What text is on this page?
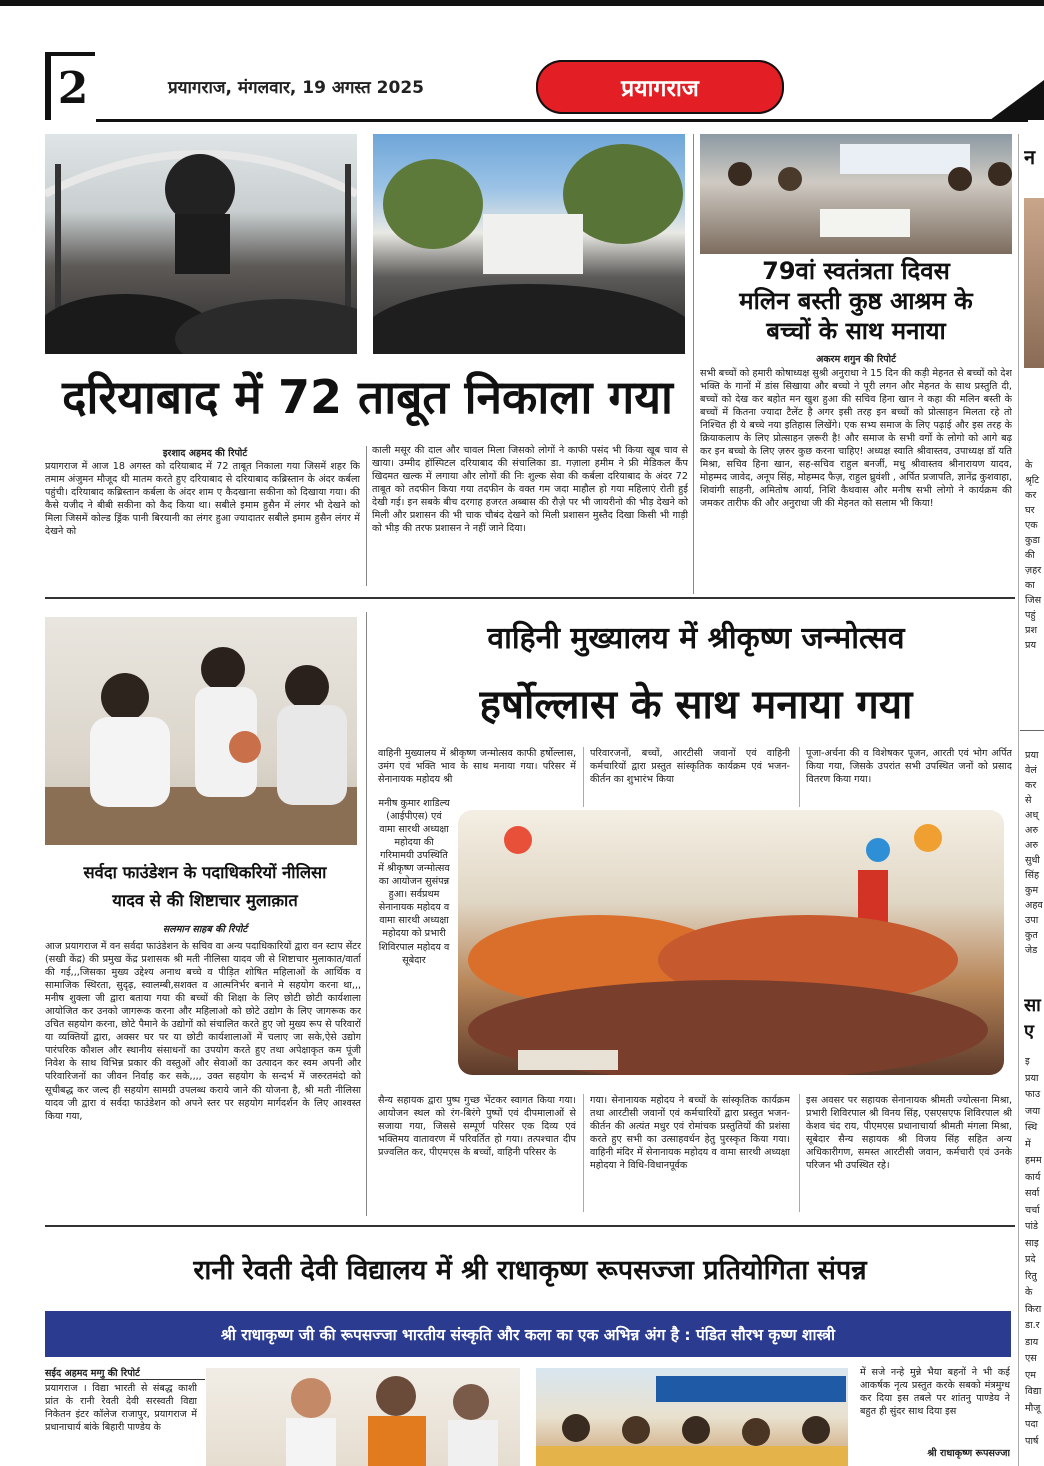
2	प्रयागराज, मंगलवार, 19 अगस्त 2025	प्रयागराज
दरियाबाद में 72 ताबूत निकाला गया
इरशाद अहमद की रिपोर्ट
प्रयागराज में आज 18 अगस्त को दरियाबाद में 72 ताबूत निकाला गया जिसमें शहर कि तमाम अंजुमन मौजूद थी मातम करते हुए दरियाबाद से दरियाबाद कब्रिस्तान के अंदर कर्बला पहुंची। दरियाबाद कब्रिस्तान कर्बला के अंदर शाम ए कैदखाना सकीना को दिखाया गया। की कैसे यजीद ने बीबी सकीना को कैद किया था। सबीले इमाम हुसैन में लंगर भी देखने को मिला जिसमें कोल्ड ड्रिंक पानी बिरयानी का लंगर हुआ ज्यादातर सबीले इमाम हुसैन लंगर में देखने को
काली मसूर की दाल और चावल मिला जिसको लोगों ने काफी पसंद भी किया खूब चाव से खाया। उम्मीद हॉस्पिटल दरियाबाद की संचालिका डा. गज़ाला हमीम ने फ्री मेडिकल कैंप खिदमत खल्क में लगाया और लोगों की निः शुल्क सेवा की कर्बला दरियाबाद के अंदर 72 ताबूत को तदफीन किया गया तदफीन के वक्त गम जदा माहौल हो गया महिलाएं रोती हुई देखी गई। इन सबके बीच दरगाह हजरत अब्बास की रौज़े पर भी जायरीनो की भीड़ देखने को मिली और प्रशासन की भी चाक चौबंद देखने को मिली प्रशासन मुस्तैद दिखा किसी भी गाड़ी को भीड़ की तरफ प्रशासन ने नहीं जाने दिया।
79वां स्वतंत्रता दिवस
मलिन बस्ती कुष्ठ आश्रम के
बच्चों के साथ मनाया
अकरम शगुन की रिपोर्ट
सभी बच्चों को हमारी कोषाध्यक्ष सुश्री अनुराधा ने 15 दिन की कड़ी मेहनत से बच्चों को देश भक्ति के गानों में डांस सिखाया और बच्चो ने पूरी लगन और मेहनत के साथ प्रस्तुति दी, बच्चों को देख कर बहोत मन खुश हुआ की सचिव हिना खान ने कहा की मलिन बस्ती के बच्चों में कितना ज्यादा टैलेंट है अगर इसी तरह इन बच्चों को प्रोत्साहन मिलता रहे तो निश्चित ही ये बच्चे नया इतिहास लिखेंगे। एक सभ्य समाज के लिए पढ़ाई और इस तरह के क्रियाकलाप के लिए प्रोत्साहन ज़रूरी है! और समाज के सभी वर्गो के लोगो को आगे बढ़ कर इन बच्चो के लिए ज़रुर कुछ करना चाहिए! अध्यक्ष स्वाति श्रीवास्तव, उपाध्यक्ष डॉ यति मिश्रा, सचिव हिना खान, सह-सचिव राहुल बनर्जी, मधु श्रीवास्तव श्रीनारायण यादव, मोहम्मद जावेद, अनूप सिंह, मोहम्मद फैज़, राहुल घ्रुवंशी , अर्पित प्रजापति, ज्ञानेंद्र कुशवाहा, शिवांगी साहनी, अमितोष आर्या, निशि कैथवास और मनीष सभी लोगो ने कार्यक्रम की जमकर तारीफ की और अनुराधा जी की मेहनत को सलाम भी किया!
सर्वदा फाउंडेशन के पदाधिकरियों नीलिसा
यादव से की शिष्टाचार मुलाक़ात
सलमान साहब की रिपोर्ट
आज प्रयागराज में वन सर्वदा फाउंडेशन के सचिव वा अन्य पदाधिकारियों द्वारा वन स्टाप सेंटर (सखी केंद्र) की प्रमुख केंद्र प्रशासक श्री मती नीलिसा यादव जी से शिष्टाचार मुलाकात/वार्ता की गई,,,जिसका मुख्य उद्देश्य अनाथ बच्चे व पीड़ित शोषित महिलाओं के आर्थिक व सामाजिक स्थिरता, सुदृढ़, स्वालम्बी,सशक्त व आत्मनिर्भर बनाने मे सहयोग करना था,,, मनीष शुक्ला जी द्वारा बताया गया की बच्चों की शिक्षा के लिए छोटी छोटी कार्यशाला आयोजित कर उनको जागरूक करना और महिलाओ को छोटे उद्योग के लिए जागरूक कर उचित सहयोग करना, छोटे पैमाने के उद्योगों को संचालित करते हुए जो मुख्य रूप से परिवारों या व्यक्तियों द्वारा, अक्सर घर पर या छोटी कार्यशालाओं में चलाए जा सके,ऐसे उद्योग पारंपरिक कौशल और स्थानीय संसाधनों का उपयोग करते हुए तथा अपेक्षाकृत कम पूंजी निवेश के साथ विभिन्न प्रकार की वस्तुओं और सेवाओं का उत्पादन कर स्वम अपनी और परिवारिजनों का जीवन निर्वाह कर सके,,,, उक्त सहयोग के सन्दर्भ में जरुरतमंदो को सूचीबद्ध कर जल्द ही सहयोग सामग्री उपलब्ध कराये जाने की योजना है, श्री मती नीलिसा यादव जी द्वारा वं सर्वदा फाउंडेशन को अपने स्तर पर सहयोग मार्गदर्शन के लिए आश्वस्त किया गया,
वाहिनी मुख्यालय में श्रीकृष्ण जन्मोत्सव
हर्षोल्लास के साथ मनाया गया
वाहिनी मुख्यालय में श्रीकृष्ण जन्मोत्सव काफी हर्षोल्लास, उमंग एवं भक्ति भाव के साथ मनाया गया। परिसर में सेनानायक महोदय श्री
मनीष कुमार शाडिल्य (आईपीएस) एवं वामा सारथी अध्यक्षा महोदया की गरिमामयी उपस्थिति में श्रीकृष्ण जन्मोत्सव का आयोजन सुसंपन्न हुआ। सर्वप्रथम सेनानायक महोदय व वामा सारथी अध्यक्षा महोदया को प्रभारी शिविरपाल महोदय व सूबेदार
सैन्य सहायक द्वारा पुष्प गुच्छ भेंटकर स्वागत किया गया। आयोजन स्थल को रंग-बिरंगे पुष्पों एवं दीपमालाओं से सजाया गया, जिससे सम्पूर्ण परिसर एक दिव्य एवं भक्तिमय वातावरण में परिवर्तित हो गया। तत्पश्चात दीप प्रज्वलित कर, पीएमएस के बच्चों, वाहिनी परिसर के
परिवारजनों, बच्चों, आरटीसी जवानों एवं वाहिनी कर्मचारियों द्वारा प्रस्तुत सांस्कृतिक कार्यक्रम एवं भजन-कीर्तन का शुभारंभ किया
गया। सेनानायक महोदय ने बच्चों के सांस्कृतिक कार्यक्रम तथा आरटीसी जवानों एवं कर्मचारियों द्वारा प्रस्तुत भजन-कीर्तन की अत्यंत मधुर एवं रोमांचक प्रस्तुतियों की प्रशंसा करते हुए सभी का उत्साहवर्धन हेतु पुरस्कृत किया गया। वाहिनी मंदिर में सेनानायक महोदय व वामा सारथी अध्यक्षा महोदया ने विधि-विधानपूर्वक
पूजा-अर्चना की व विशेषकर पूजन, आरती एवं भोग अर्पित किया गया, जिसके उपरांत सभी उपस्थित जनों को प्रसाद वितरण किया गया।
इस अवसर पर सहायक सेनानायक श्रीमती ज्योत्सना मिश्रा, प्रभारी शिविरपाल श्री विनय सिंह, एसएसएफ शिविरपाल श्री केशव चंद राय, पीएमएस प्रधानाचार्या श्रीमती मंगला मिश्रा, सूबेदार सैन्य सहायक श्री विजय सिंह सहित अन्य अधिकारीगण, समस्त आरटीसी जवान, कर्मचारी एवं उनके परिजन भी उपस्थित रहे।
रानी रेवती देवी विद्यालय में श्री राधाकृष्ण रूपसज्जा प्रतियोगिता संपन्न
श्री राधाकृष्ण जी की रूपसज्जा भारतीय संस्कृति और कला का एक अभिन्न अंग है : पंडित सौरभ कृष्ण शास्त्री
सईद अहमद मग्गु की रिपोर्ट
प्रयागराज । विद्या भारती से संबद्ध काशी प्रांत के रानी रेवती देवी सरस्वती विद्या निकेतन इंटर कॉलेज राजापुर, प्रयागराज में प्रधानाचार्य बांके बिहारी पाण्डेय के
में सजे नन्हे मुन्ने भैया बहनों ने भी कई आकर्षक नृत्य प्रस्तुत करके सबको मंत्रमुग्ध कर दिया इस तबले पर शांतनु पाण्डेय ने बहुत ही सुंदर साथ दिया इस
श्री राधाकृष्ण रूपसज्जा
न
के
श्रृटि
कर
घर
एक
कुडा
की
ज़हर
का
जिस
पहुं
प्रश
प्रय
प्रया
वेलं
कर
से
अध्
अरु
अरु
सुधी
सिंह
कुम
अहव
उपा
कुत
जेड
सा
ए
इ
प्रया
फाउ
जया
स्थि
में
हमम
कार्य
सर्वा
चर्चा
पांडे
साइ
प्रदे
रितु
के
किरा
डा.र
डाय
एस
एम
विद्या
मौजू
पदा
पार्ष
